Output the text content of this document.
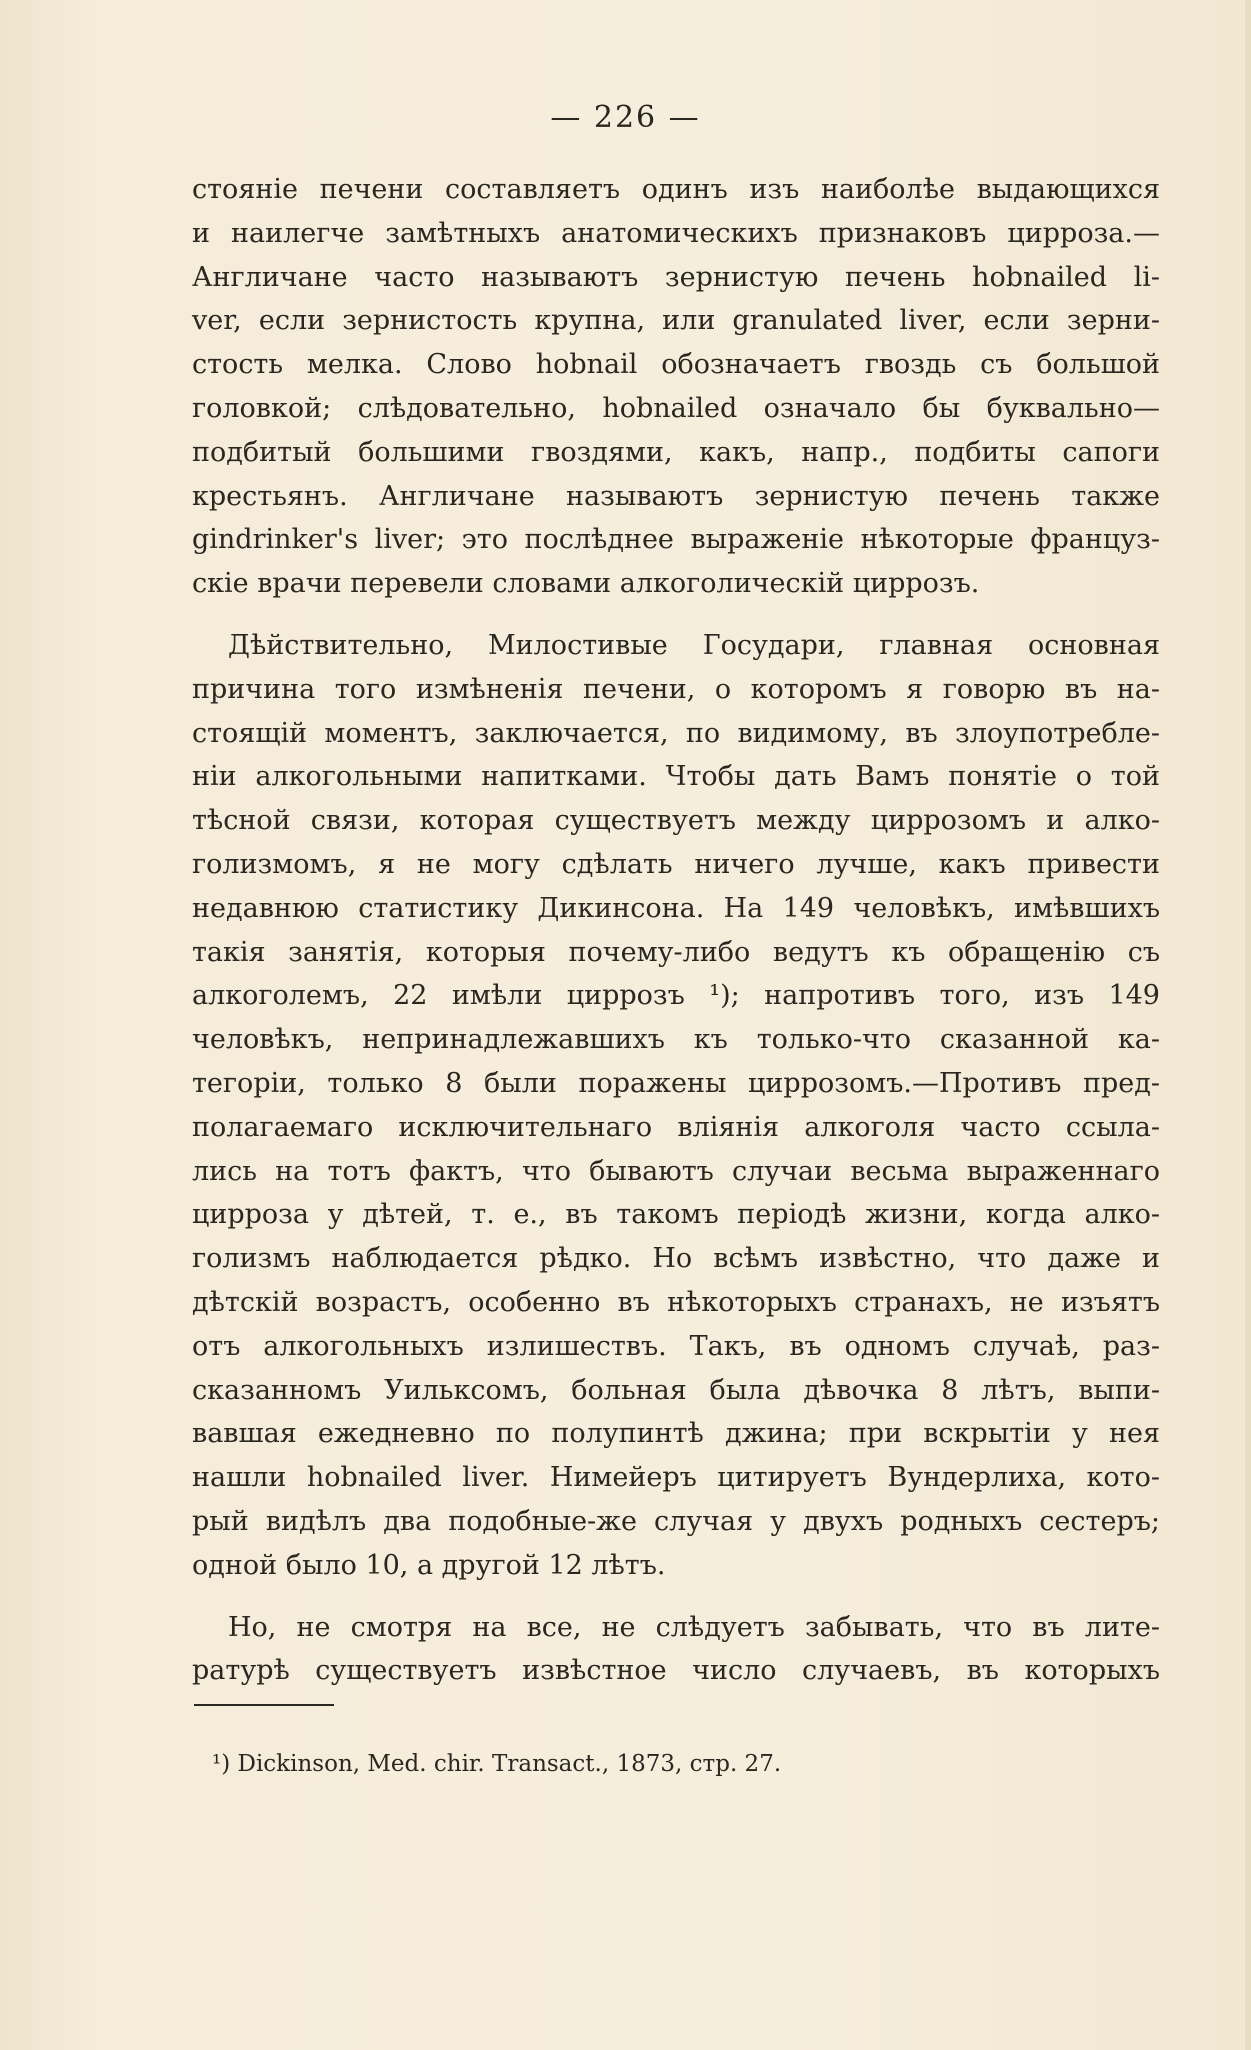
— 226 —
стояніе печени составляетъ одинъ изъ наиболѣе выдающихся
и наилегче замѣтныхъ анатомическихъ признаковъ цирроза.—
Англичане часто называютъ зернистую печень hobnailed li-
ver, если зернистость крупна, или granulated liver, если зерни-
стость мелка. Слово hobnail обозначаетъ гвоздь съ большой
головкой; слѣдовательно, hobnailed означало бы буквально—
подбитый большими гвоздями, какъ, напр., подбиты сапоги
крестьянъ. Англичане называютъ зернистую печень также
gindrinker's liver; это послѣднее выраженіе нѣкоторые француз-
скіе врачи перевели словами алкоголическій циррозъ.
Дѣйствительно, Милостивые Государи, главная основная
причина того измѣненія печени, о которомъ я говорю въ на-
стоящій моментъ, заключается, по видимому, въ злоупотребле-
ніи алкогольными напитками. Чтобы дать Вамъ понятіе о той
тѣсной связи, которая существуетъ между циррозомъ и алко-
голизмомъ, я не могу сдѣлать ничего лучше, какъ привести
недавнюю статистику Дикинсона. На 149 человѣкъ, имѣвшихъ
такія занятія, которыя почему-либо ведутъ къ обращенію съ
алкоголемъ, 22 имѣли циррозъ ¹); напротивъ того, изъ 149
человѣкъ, непринадлежавшихъ къ только-что сказанной ка-
тегоріи, только 8 были поражены циррозомъ.—Противъ пред-
полагаемаго исключительнаго вліянія алкоголя часто ссыла-
лись на тотъ фактъ, что бываютъ случаи весьма выраженнаго
цирроза у дѣтей, т. е., въ такомъ періодѣ жизни, когда алко-
голизмъ наблюдается рѣдко. Но всѣмъ извѣстно, что даже и
дѣтскій возрастъ, особенно въ нѣкоторыхъ странахъ, не изъятъ
отъ алкогольныхъ излишествъ. Такъ, въ одномъ случаѣ, раз-
сказанномъ Уильксомъ, больная была дѣвочка 8 лѣтъ, выпи-
вавшая ежедневно по полупинтѣ джина; при вскрытіи у нея
нашли hobnailed liver. Нимейеръ цитируетъ Вундерлиха, кото-
рый видѣлъ два подобные-же случая у двухъ родныхъ сестеръ;
одной было 10, а другой 12 лѣтъ.
Но, не смотря на все, не слѣдуетъ забывать, что въ лите-
ратурѣ существуетъ извѣстное число случаевъ, въ которыхъ
¹) Dickinson, Med. chir. Transact., 1873, стр. 27.
